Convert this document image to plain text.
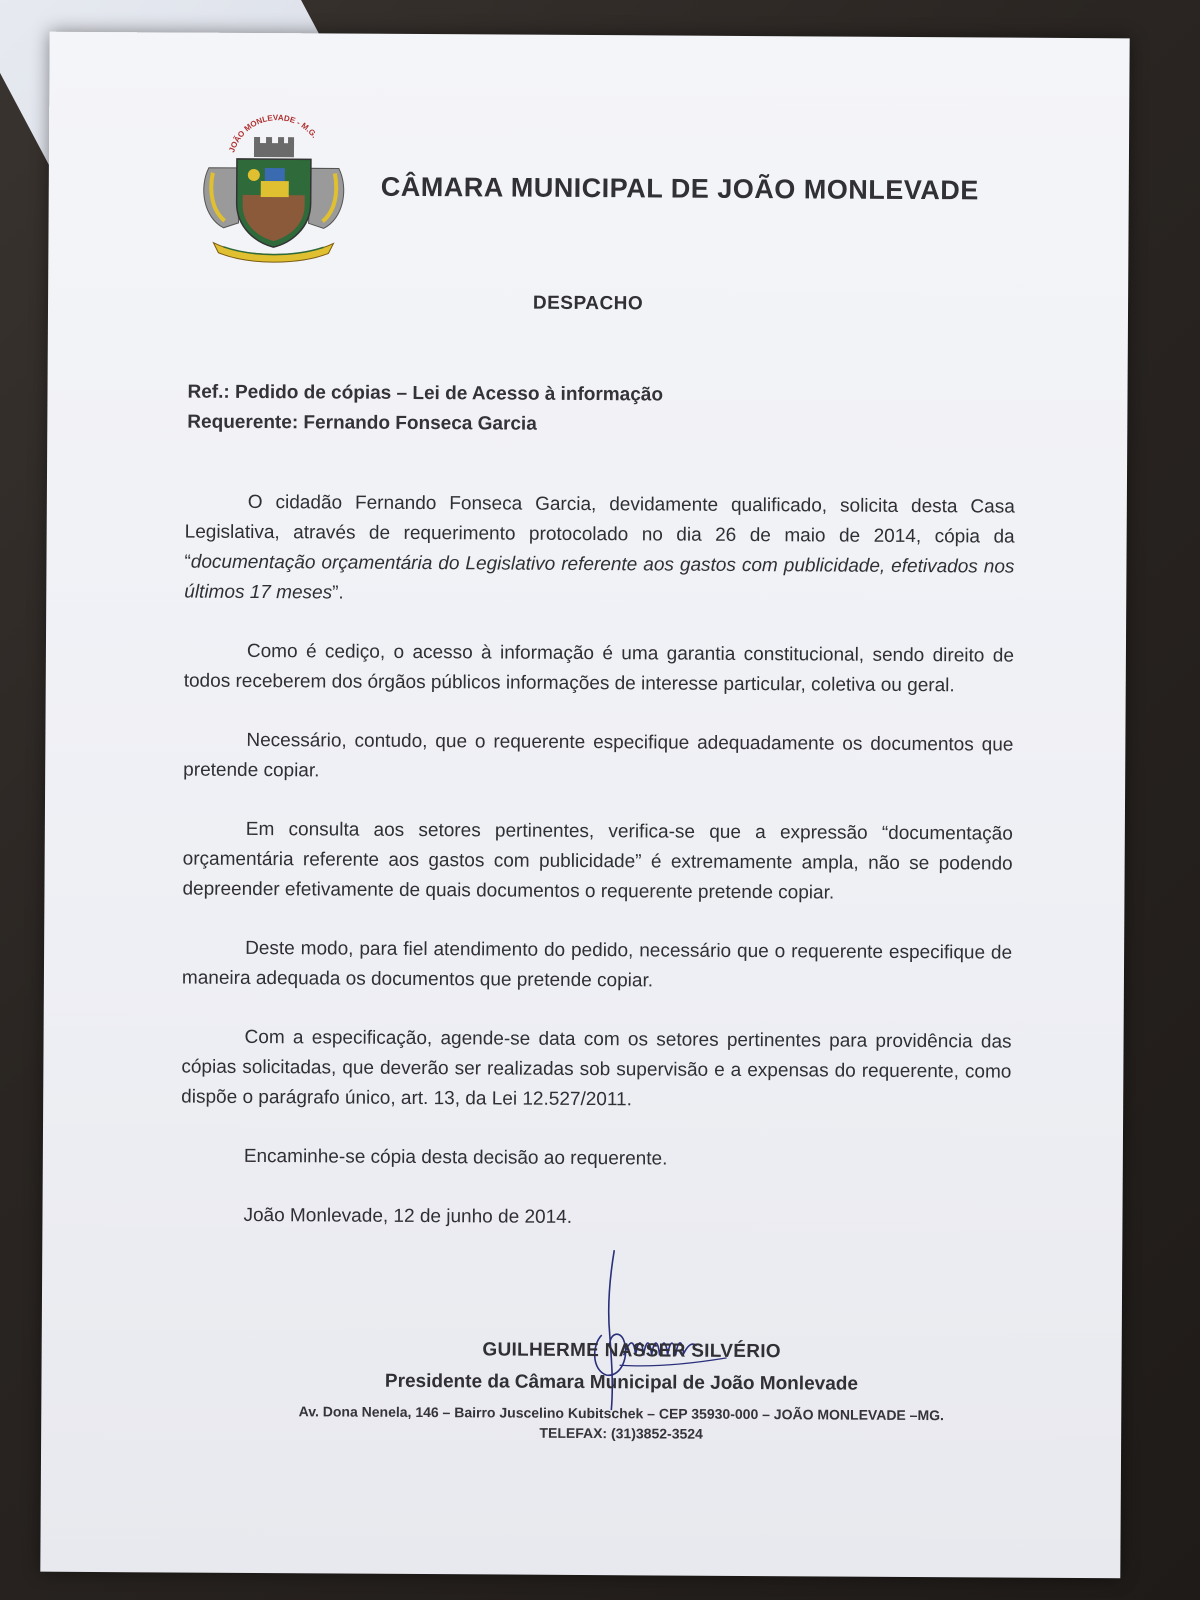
JOÃO MONLEVADE - M.G.
CÂMARA MUNICIPAL DE JOÃO MONLEVADE
DESPACHO
Ref.: Pedido de cópias – Lei de Acesso à informação
Requerente: Fernando Fonseca Garcia

O cidadão Fernando Fonseca Garcia, devidamente qualificado, solicita desta Casa Legislativa, através de requerimento protocolado no dia 26 de maio de 2014, cópia da “documentação orçamentária do Legislativo referente aos gastos com publicidade, efetivados nos últimos 17 meses”.

Como é cediço, o acesso à informação é uma garantia constitucional, sendo direito de todos receberem dos órgãos públicos informações de interesse particular, coletiva ou geral.

Necessário, contudo, que o requerente especifique adequadamente os documentos que pretende copiar.

Em consulta aos setores pertinentes, verifica-se que a expressão “documentação orçamentária referente aos gastos com publicidade” é extremamente ampla, não se podendo depreender efetivamente de quais documentos o requerente pretende copiar.

Deste modo, para fiel atendimento do pedido, necessário que o requerente especifique de maneira adequada os documentos que pretende copiar.

Com a especificação, agende-se data com os setores pertinentes para providência das cópias solicitadas, que deverão ser realizadas sob supervisão e a expensas do requerente, como dispõe o parágrafo único, art. 13, da Lei 12.527/2011.

Encaminhe-se cópia desta decisão ao requerente.

João Monlevade, 12 de junho de 2014.

GUILHERME NASSER SILVÉRIO
Presidente da Câmara Municipal de João Monlevade
Av. Dona Nenela, 146 – Bairro Juscelino Kubitschek – CEP 35930-000 – JOÃO MONLEVADE –MG.
TELEFAX: (31)3852-3524
